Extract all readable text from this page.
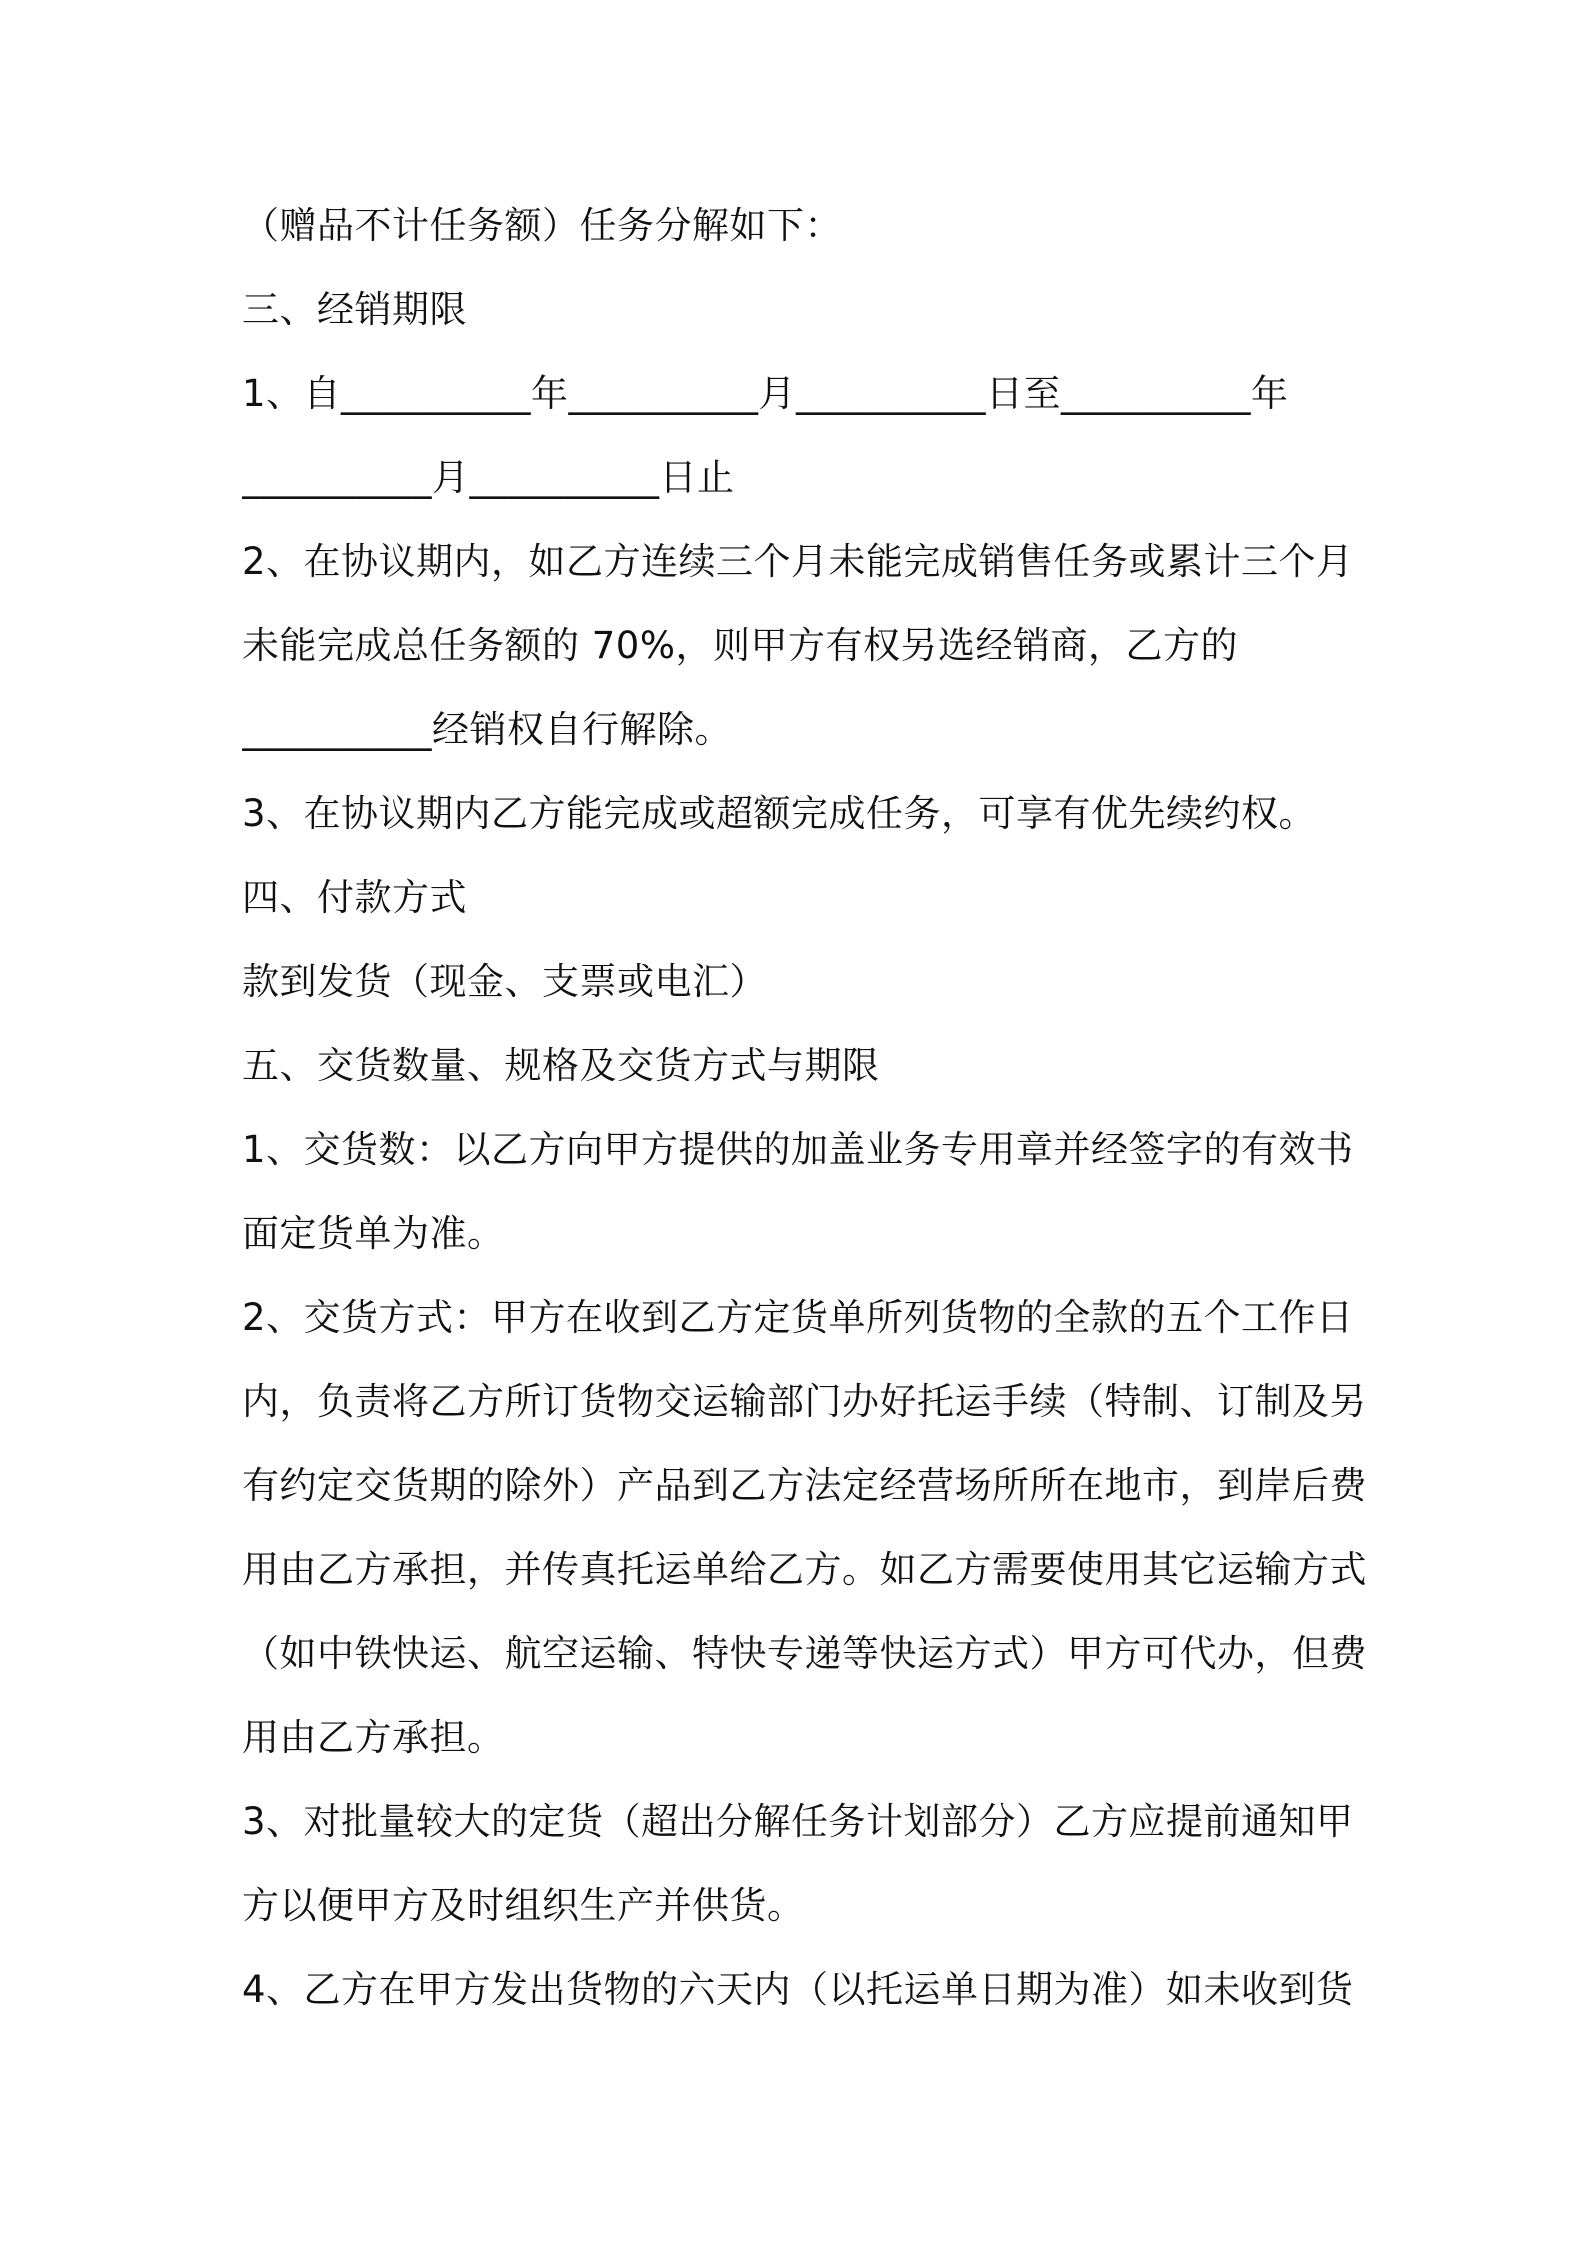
（赠品不计任务额）任务分解如下：
三、经销期限
1、自__________年__________月__________日至__________年
__________月__________日止
2、在协议期内，如乙方连续三个月未能完成销售任务或累计三个月
未能完成总任务额的 70%，则甲方有权另选经销商，乙方的
__________经销权自行解除。
3、在协议期内乙方能完成或超额完成任务，可享有优先续约权。
四、付款方式
款到发货（现金、支票或电汇）
五、交货数量、规格及交货方式与期限
1、交货数：以乙方向甲方提供的加盖业务专用章并经签字的有效书
面定货单为准。
2、交货方式：甲方在收到乙方定货单所列货物的全款的五个工作日
内，负责将乙方所订货物交运输部门办好托运手续（特制、订制及另
有约定交货期的除外）产品到乙方法定经营场所所在地市，到岸后费
用由乙方承担，并传真托运单给乙方。如乙方需要使用其它运输方式
（如中铁快运、航空运输、特快专递等快运方式）甲方可代办，但费
用由乙方承担。
3、对批量较大的定货（超出分解任务计划部分）乙方应提前通知甲
方以便甲方及时组织生产并供货。
4、乙方在甲方发出货物的六天内（以托运单日期为准）如未收到货
